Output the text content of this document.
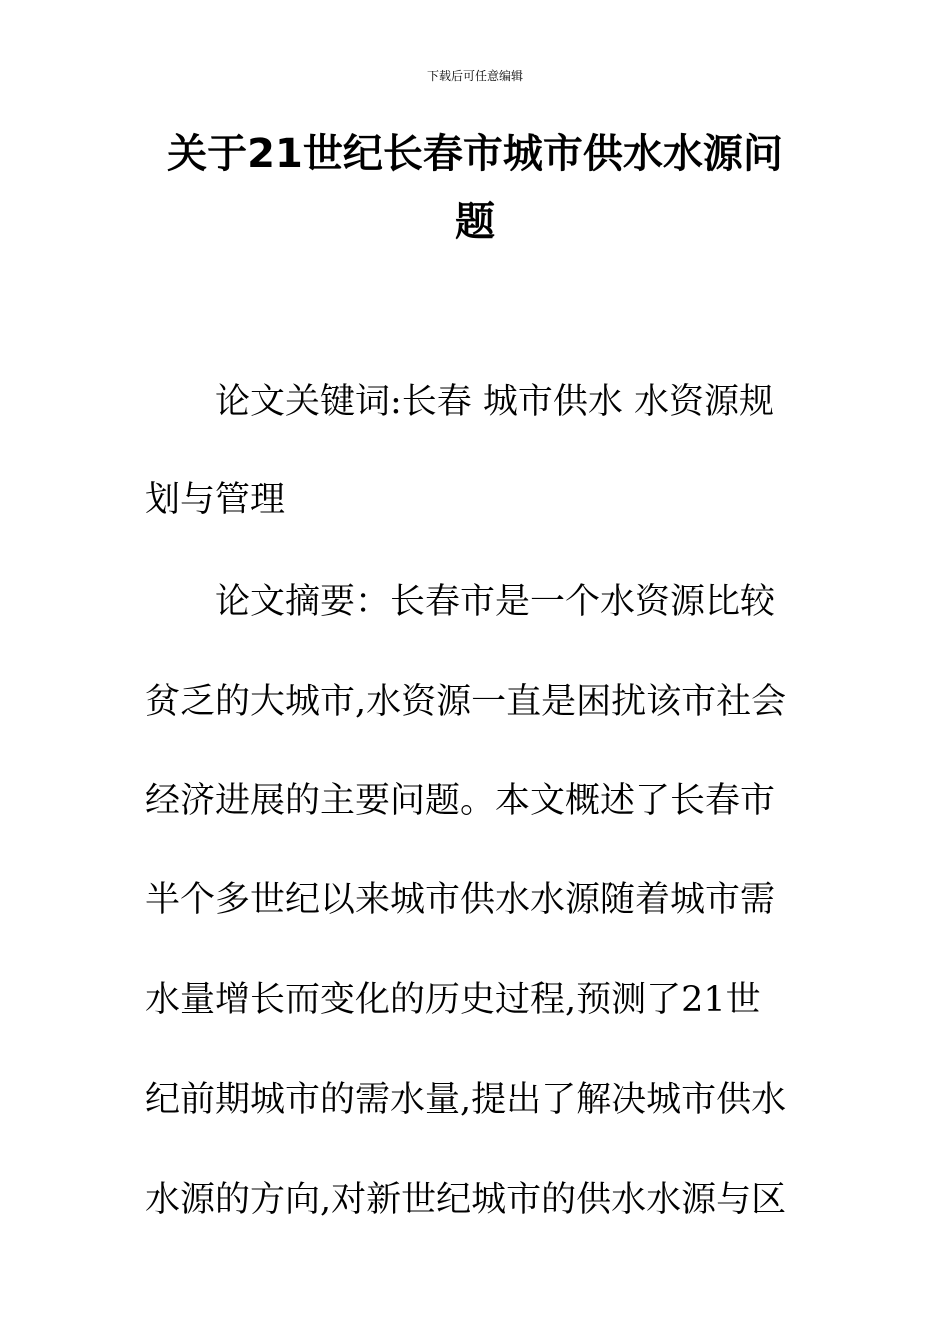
下载后可任意编辑
关于21世纪长春市城市供水水源问
题
　　论文关键词:长春 城市供水 水资源规
划与管理
　　论文摘要：长春市是一个水资源比较
贫乏的大城市,水资源一直是困扰该市社会
经济进展的主要问题。本文概述了长春市
半个多世纪以来城市供水水源随着城市需
水量增长而变化的历史过程,预测了21世
纪前期城市的需水量,提出了解决城市供水
水源的方向,对新世纪城市的供水水源与区
